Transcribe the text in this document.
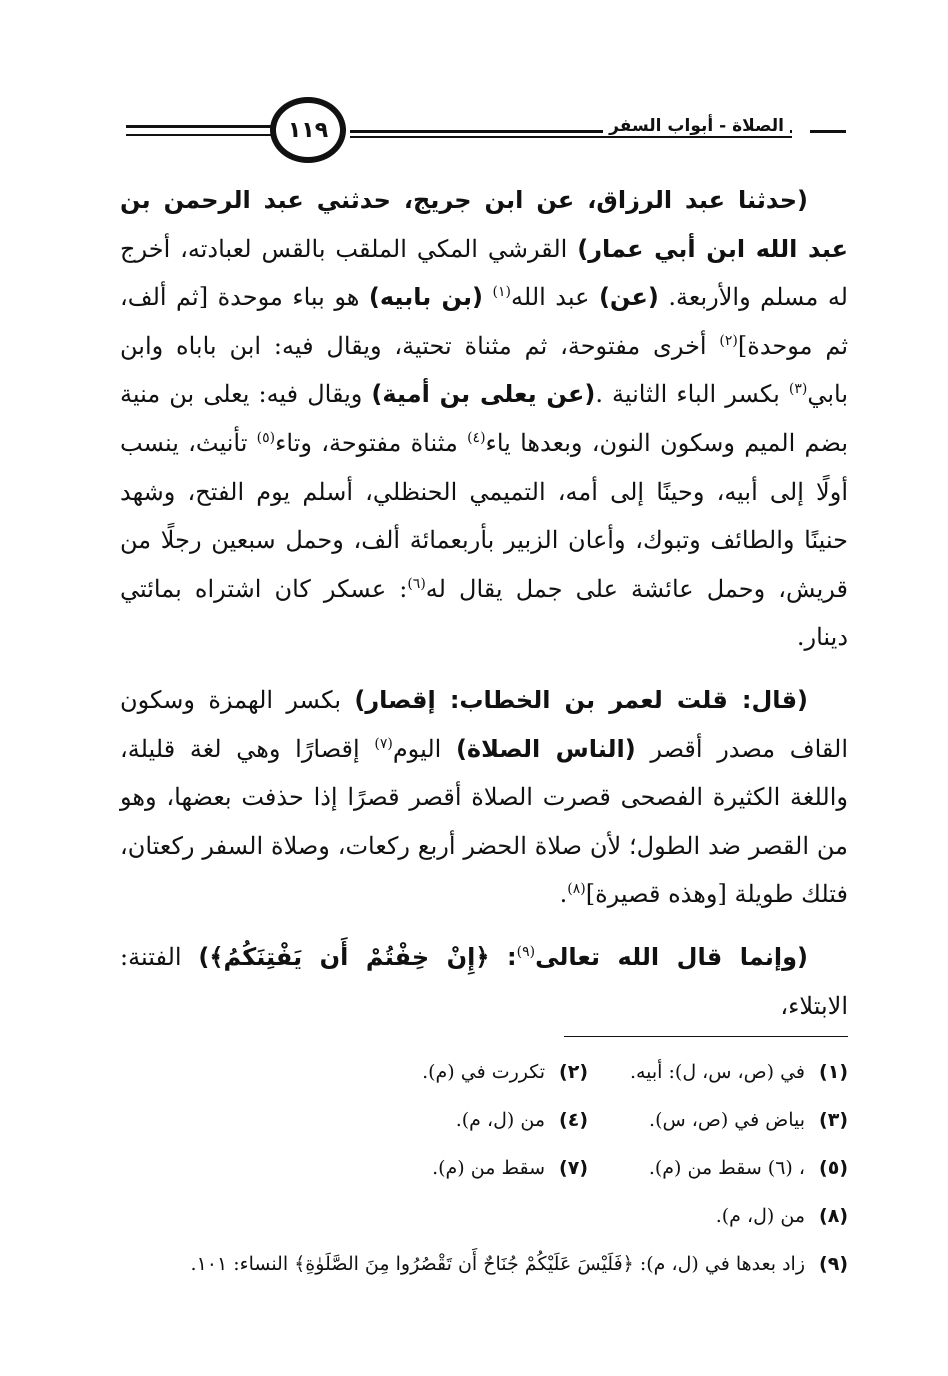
١١٩	الصلاة - أبواب السفر

(حدثنا عبد الرزاق، عن ابن جريج، حدثني عبد الرحمن بن عبد الله ابن أبي عمار) القرشي المكي الملقب بالقس لعبادته، أخرج له مسلم والأربعة. (عن) عبد الله$^{(١)}$ (بن بابيه) هو بباء موحدة [ثم ألف، ثم موحدة]$^{(٢)}$ أخرى مفتوحة، ثم مثناة تحتية، ويقال فيه: ابن باباه وابن بابي$^{(٣)}$ بكسر الباء الثانية .(عن يعلى بن أمية) ويقال فيه: يعلى بن منية بضم الميم وسكون النون، وبعدها ياء$^{(٤)}$ مثناة مفتوحة، وتاء$^{(٥)}$ تأنيث، ينسب أولًا إلى أبيه، وحينًا إلى أمه، التميمي الحنظلي، أسلم يوم الفتح، وشهد حنينًا والطائف وتبوك، وأعان الزبير بأربعمائة ألف، وحمل سبعين رجلًا من قريش، وحمل عائشة على جمل يقال له$^{(٦)}$: عسكر كان اشتراه بمائتي دينار.

(قال: قلت لعمر بن الخطاب: إقصار) بكسر الهمزة وسكون القاف مصدر أقصر (الناس الصلاة) اليوم$^{(٧)}$ إقصارًا وهي لغة قليلة، واللغة الكثيرة الفصحى قصرت الصلاة أقصر قصرًا إذا حذفت بعضها، وهو من القصر ضد الطول؛ لأن صلاة الحضر أربع ركعات، وصلاة السفر ركعتان، فتلك طويلة [وهذه قصيرة]$^{(٨)}$.

(وإنما قال الله تعالى$^{(٩)}$: ﴿إِنْ خِفْتُمْ أَن يَفْتِنَكُمُ﴾) الفتنة: الابتلاء،

(١)في (ص، س، ل): أبيه.
(٢)تكررت في (م).
(٣)بياض في (ص، س).
(٤)من (ل، م).
(٥)، (٦) سقط من (م).
(٧)سقط من (م).
(٨)من (ل، م).
(٩)زاد بعدها في (ل، م): ﴿فَلَيْسَ عَلَيْكُمْ جُنَاحٌ أَن تَقْصُرُوا مِنَ الصَّلَوٰةِ﴾ النساء: ١٠١.
